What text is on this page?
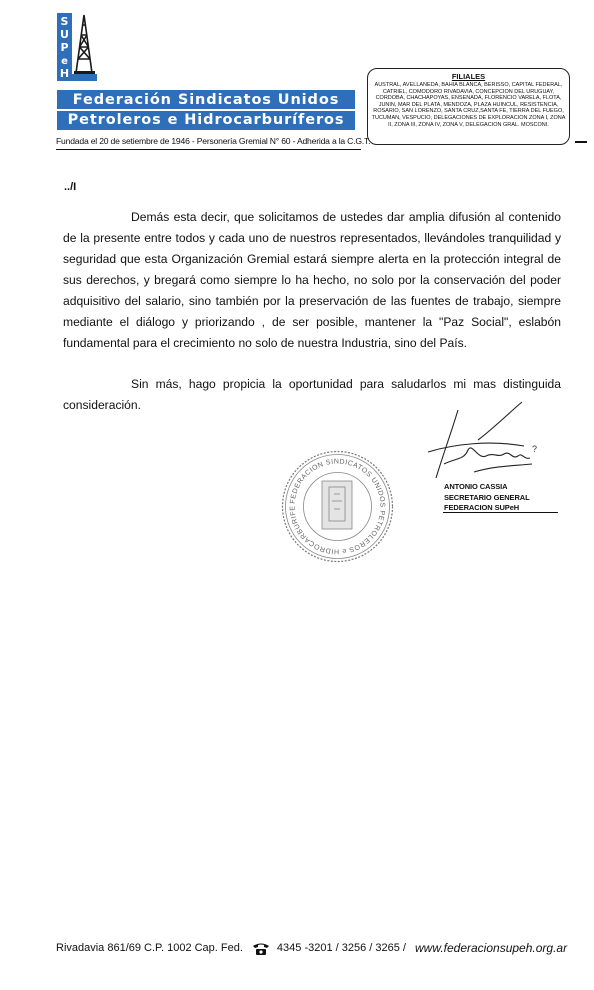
S
U
P
e
H
Federación Sindicatos Unidos
Petroleros e Hidrocarburíferos
Fundada el 20 de setiembre de 1946 - Personería Gremial N° 60 - Adherida a la C.G.T.
FILIALES
AUSTRAL, AVELLANEDA, BAHIA BLANCA, BERISSO, CAPITAL FEDERAL, CATRIEL, COMODORO RIVADAVIA, CONCEPCION DEL URUGUAY, CORDOBA, CHACHAPOYAS, ENSENADA, FLORENCIO VARELA, FLOTA, JUNIN, MAR DEL PLATA, MENDOZA, PLAZA HUINCUL, RESISTENCIA, ROSARIO, SAN LORENZO, SANTA CRUZ,SANTA FE, TIERRA DEL FUEGO, TUCUMAN, VESPUCIO, DELEGACIONES DE EXPLORACION ZONA I, ZONA II, ZONA III, ZONA IV, ZONA V, DELEGACION GRAL. MOSCONI.
../I
Demás esta decir, que solicitamos de ustedes dar amplia difusión al contenido de la presente entre todos y cada uno de nuestros representados, llevándoles tranquilidad y seguridad que esta Organización Gremial estará siempre alerta en la protección integral de sus derechos, y bregará como siempre lo ha hecho, no solo por la conservación del poder adquisitivo del salario, sino también por la preservación de las fuentes de trabajo, siempre mediante el diálogo y priorizando , de ser posible, mantener la "Paz Social", eslabón fundamental para el crecimiento no solo de nuestra Industria, sino del País.
Sin más, hago propicia la oportunidad para saludarlos mi mas distinguida consideración.
FEDERACION SINDICATOS UNIDOS PETROLEROS e HIDROCARBURIFE
?
ANTONIO CASSIA
SECRETARIO GENERAL
FEDERACION SUPeH
Rivadavia 861/69 C.P. 1002 Cap. Fed.	4345 -3201 / 3256 / 3265 / www.federacionsupeh.org.ar
